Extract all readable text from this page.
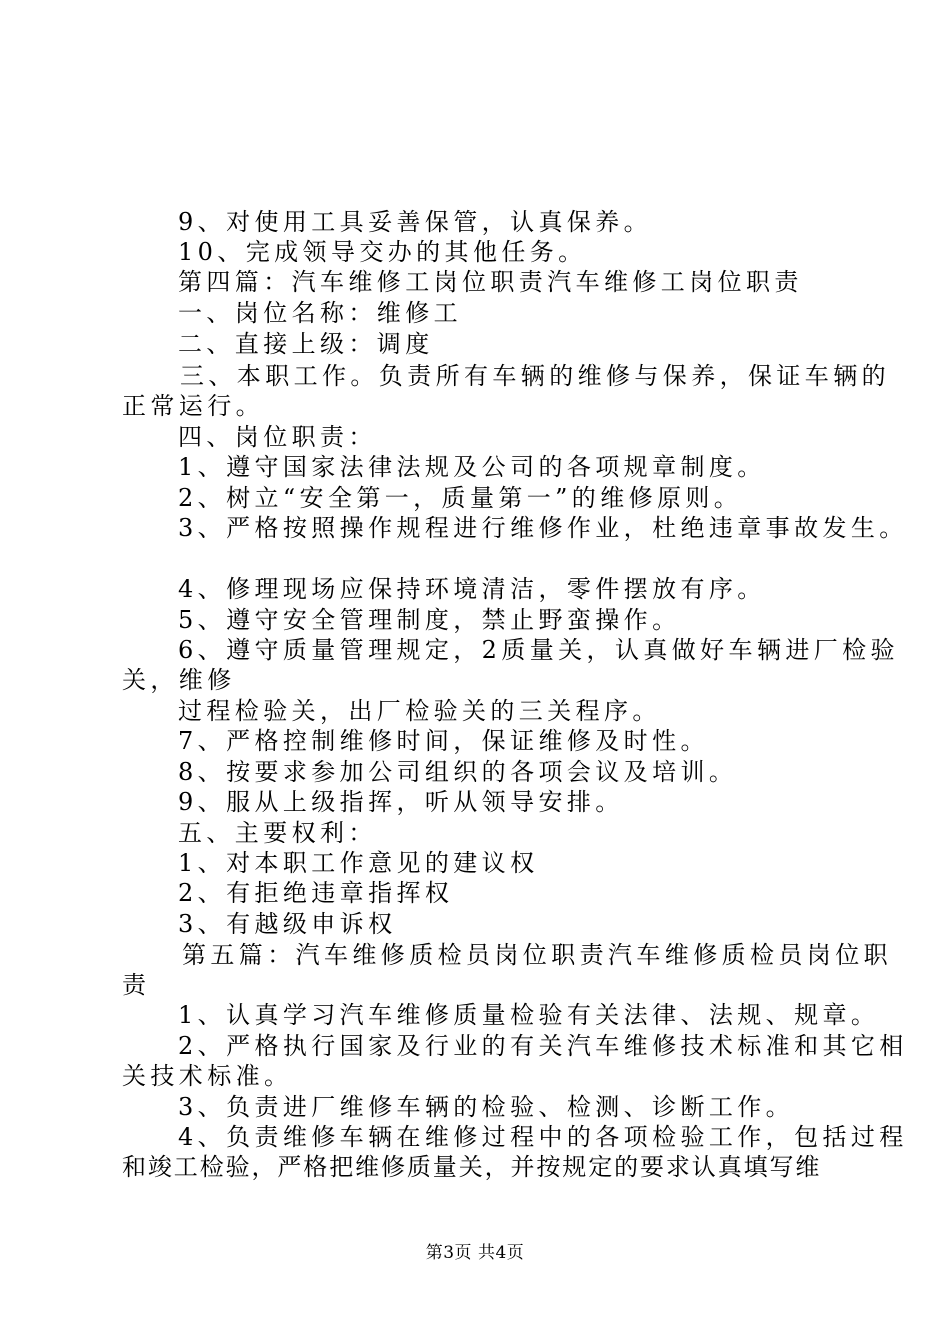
9、对使用工具妥善保管，认真保养。
10、完成领导交办的其他任务。
第四篇：汽车维修工岗位职责汽车维修工岗位职责
一、岗位名称：维修工
二、直接上级：调度
三、本职工作。负责所有车辆的维修与保养，保证车辆的
正常运行。
四、岗位职责：
1、遵守国家法律法规及公司的各项规章制度。
2、树立“安全第一，质量第一”的维修原则。
3、严格按照操作规程进行维修作业，杜绝违章事故发生。
4、修理现场应保持环境清洁，零件摆放有序。
5、遵守安全管理制度，禁止野蛮操作。
6、遵守质量管理规定，2质量关，认真做好车辆进厂检验
关，维修
过程检验关，出厂检验关的三关程序。
7、严格控制维修时间，保证维修及时性。
8、按要求参加公司组织的各项会议及培训。
9、服从上级指挥，听从领导安排。
五、主要权利：
1、对本职工作意见的建议权
2、有拒绝违章指挥权
3、有越级申诉权
第五篇：汽车维修质检员岗位职责汽车维修质检员岗位职
责
1、认真学习汽车维修质量检验有关法律、法规、规章。
2、严格执行国家及行业的有关汽车维修技术标准和其它相
关技术标准。
3、负责进厂维修车辆的检验、检测、诊断工作。
4、负责维修车辆在维修过程中的各项检验工作，包括过程
和竣工检验，严格把维修质量关，并按规定的要求认真填写维
第3页 共4页
